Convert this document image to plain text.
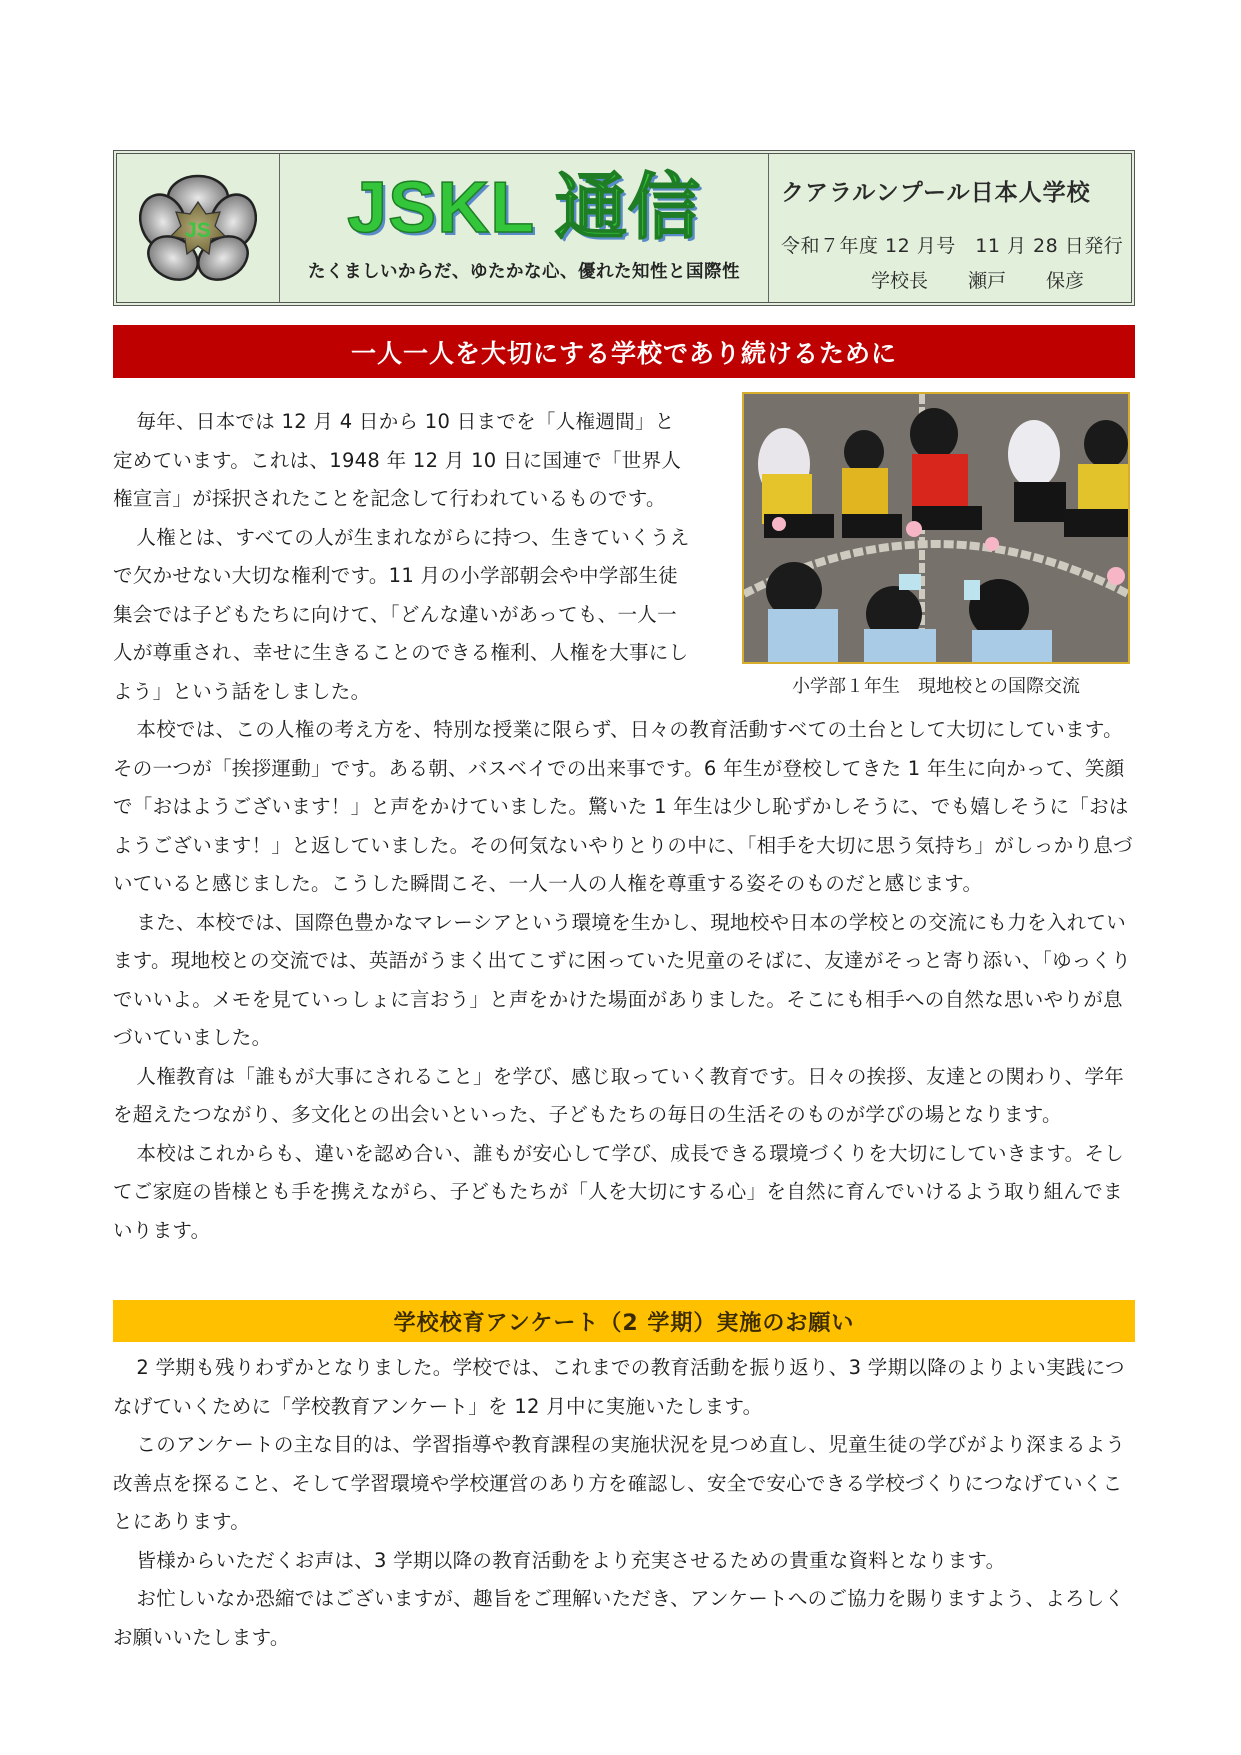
JS JSKL 通信
たくましいからだ、ゆたかな心、優れた知性と国際性
クアラルンプール日本人学校
令和７年度 12 月号　11 月 28 日発行
学校長 瀬戸 保彦
一人一人を大切にする学校であり続けるために

毎年、日本では 12 月 4 日から 10 日までを「人権週間」と定めています。これは、1948 年 12 月 10 日に国連で「世界人権宣言」が採択されたことを記念して行われているものです。

人権とは、すべての人が生まれながらに持つ、生きていくうえで欠かせない大切な権利です。11 月の小学部朝会や中学部生徒集会では子どもたちに向けて、「どんな違いがあっても、一人一人が尊重され、幸せに生きることのできる権利、人権を大事にしよう」という話をしました。	小学部１年生　現地校との国際交流

本校では、この人権の考え方を、特別な授業に限らず、日々の教育活動すべての土台として大切にしています。その一つが「挨拶運動」です。ある朝、バスベイでの出来事です。6 年生が登校してきた 1 年生に向かって、笑顔で「おはようございます！」と声をかけていました。驚いた 1 年生は少し恥ずかしそうに、でも嬉しそうに「おはようございます！」と返していました。その何気ないやりとりの中に、「相手を大切に思う気持ち」がしっかり息づいていると感じました。こうした瞬間こそ、一人一人の人権を尊重する姿そのものだと感じます。

また、本校では、国際色豊かなマレーシアという環境を生かし、現地校や日本の学校との交流にも力を入れています。現地校との交流では、英語がうまく出てこずに困っていた児童のそばに、友達がそっと寄り添い、「ゆっくりでいいよ。メモを見ていっしょに言おう」と声をかけた場面がありました。そこにも相手への自然な思いやりが息づいていました。

人権教育は「誰もが大事にされること」を学び、感じ取っていく教育です。日々の挨拶、友達との関わり、学年を超えたつながり、多文化との出会いといった、子どもたちの毎日の生活そのものが学びの場となります。

本校はこれからも、違いを認め合い、誰もが安心して学び、成長できる環境づくりを大切にしていきます。そしてご家庭の皆様とも手を携えながら、子どもたちが「人を大切にする心」を自然に育んでいけるよう取り組んでまいります。

学校校育アンケート（2 学期）実施のお願い

2 学期も残りわずかとなりました。学校では、これまでの教育活動を振り返り、3 学期以降のよりよい実践につなげていくために「学校教育アンケート」を 12 月中に実施いたします。

このアンケートの主な目的は、学習指導や教育課程の実施状況を見つめ直し、児童生徒の学びがより深まるよう改善点を探ること、そして学習環境や学校運営のあり方を確認し、安全で安心できる学校づくりにつなげていくことにあります。

皆様からいただくお声は、3 学期以降の教育活動をより充実させるための貴重な資料となります。

お忙しいなか恐縮ではございますが、趣旨をご理解いただき、アンケートへのご協力を賜りますよう、よろしくお願いいたします。
